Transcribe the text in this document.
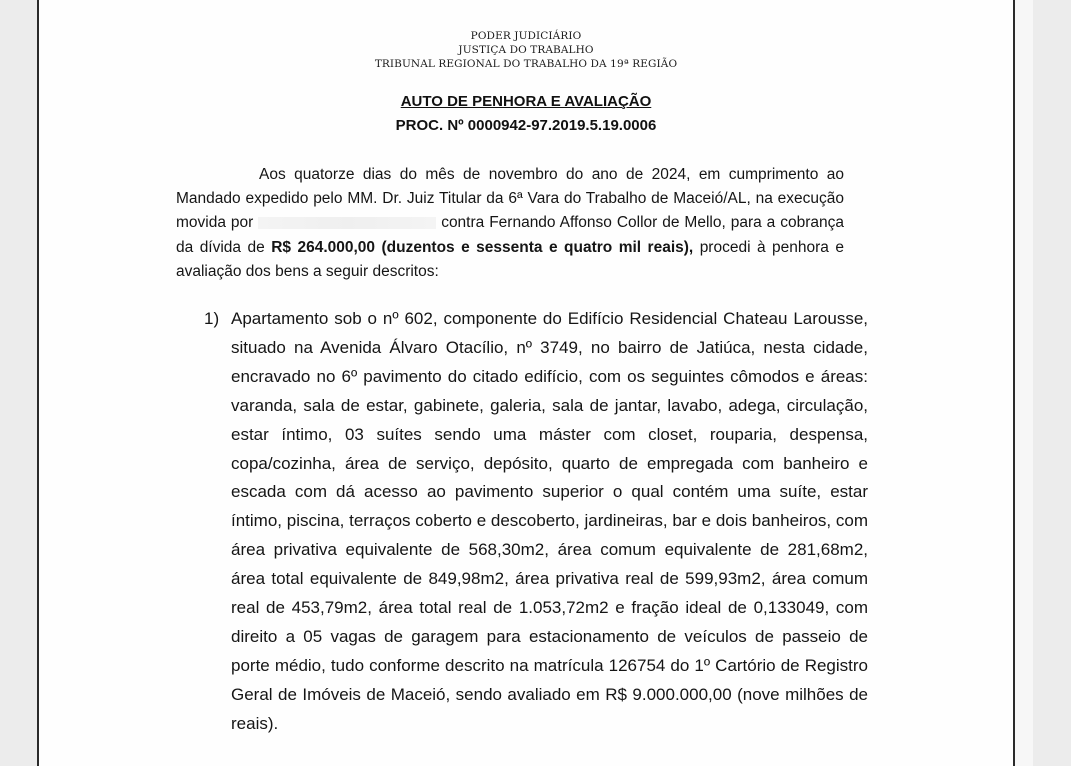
PODER JUDICIÁRIO
JUSTIÇA DO TRABALHO
TRIBUNAL REGIONAL DO TRABALHO DA 19ª REGIÃO
AUTO DE PENHORA E AVALIAÇÃO
PROC. Nº 0000942-97.2019.5.19.0006
Aos quatorze dias do mês de novembro do ano de 2024, em cumprimento ao Mandado expedido pelo MM. Dr. Juiz Titular da 6ª Vara do Trabalho de Maceió/AL, na execução movida por	contra Fernando Affonso Collor de Mello, para a cobrança da dívida de R$ 264.000,00 (duzentos e sessenta e quatro mil reais), procedi à penhora e avaliação dos bens a seguir descritos:
1) Apartamento sob o nº 602, componente do Edifício Residencial Chateau Larousse, situado na Avenida Álvaro Otacílio, nº 3749, no bairro de Jatiúca, nesta cidade, encravado no 6º pavimento do citado edifício, com os seguintes cômodos e áreas: varanda, sala de estar, gabinete, galeria, sala de jantar, lavabo, adega, circulação, estar íntimo, 03 suítes sendo uma máster com closet, rouparia, despensa, copa/cozinha, área de serviço, depósito, quarto de empregada com banheiro e escada com dá acesso ao pavimento superior o qual contém uma suíte, estar íntimo, piscina, terraços coberto e descoberto, jardineiras, bar e dois banheiros, com área privativa equivalente de 568,30m2, área comum equivalente de 281,68m2, área total equivalente de 849,98m2, área privativa real de 599,93m2, área comum real de 453,79m2, área total real de 1.053,72m2 e fração ideal de 0,133049, com direito a 05 vagas de garagem para estacionamento de veículos de passeio de porte médio, tudo conforme descrito na matrícula 126754 do 1º Cartório de Registro Geral de Imóveis de Maceió, sendo avaliado em R$ 9.000.000,00 (nove milhões de reais).
